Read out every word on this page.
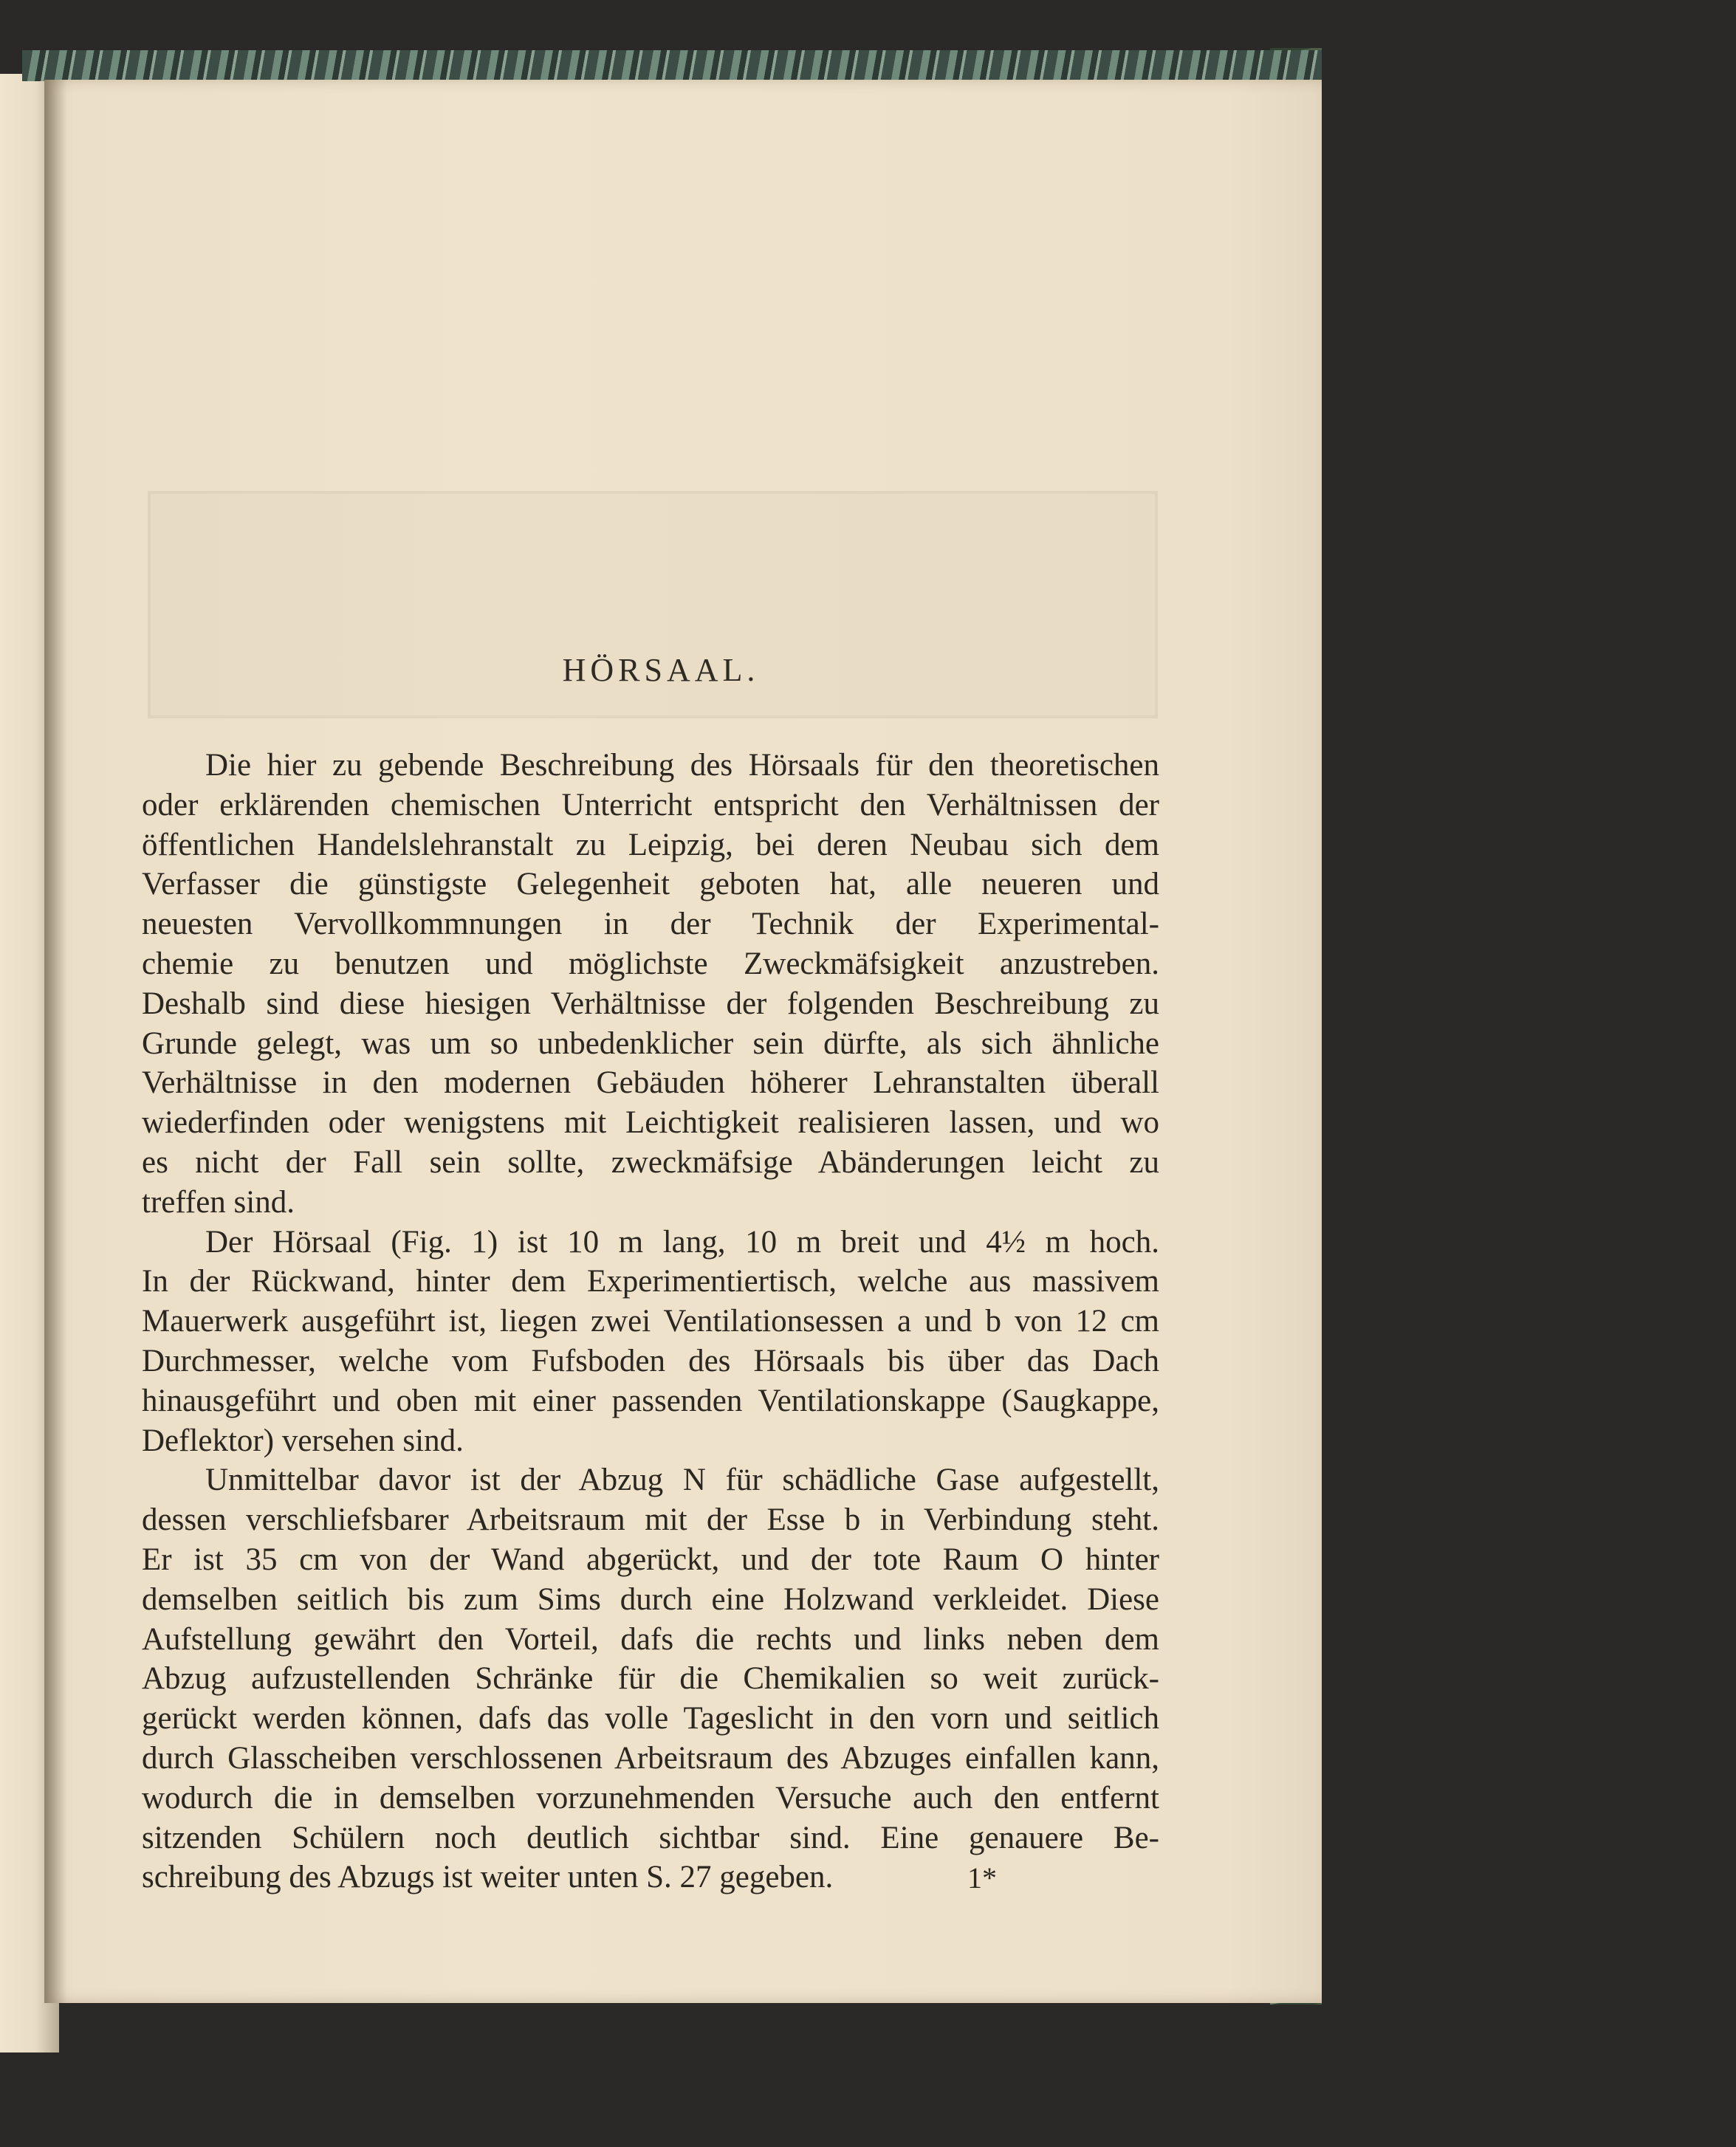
HÖRSAAL.
Die hier zu gebende Beschreibung des Hörsaals für den theoretischen
oder erklärenden chemischen Unterricht entspricht den Verhältnissen der
öffentlichen Handelslehranstalt zu Leipzig, bei deren Neubau sich dem
Verfasser die günstigste Gelegenheit geboten hat, alle neueren und
neuesten Vervollkommnungen in der Technik der Experimental-
chemie zu benutzen und möglichste Zweckmäfsigkeit anzustreben.
Deshalb sind diese hiesigen Verhältnisse der folgenden Beschreibung zu
Grunde gelegt, was um so unbedenklicher sein dürfte, als sich ähnliche
Verhältnisse in den modernen Gebäuden höherer Lehranstalten überall
wiederfinden oder wenigstens mit Leichtigkeit realisieren lassen, und wo
es nicht der Fall sein sollte, zweckmäfsige Abänderungen leicht zu
treffen sind.
Der Hörsaal (Fig. 1) ist 10 m lang, 10 m breit und 4½ m hoch.
In der Rückwand, hinter dem Experimentiertisch, welche aus massivem
Mauerwerk ausgeführt ist, liegen zwei Ventilationsessen a und b von 12 cm
Durchmesser, welche vom Fufsboden des Hörsaals bis über das Dach
hinausgeführt und oben mit einer passenden Ventilationskappe (Saugkappe,
Deflektor) versehen sind.
Unmittelbar davor ist der Abzug N für schädliche Gase aufgestellt,
dessen verschliefsbarer Arbeitsraum mit der Esse b in Verbindung steht.
Er ist 35 cm von der Wand abgerückt, und der tote Raum O hinter
demselben seitlich bis zum Sims durch eine Holzwand verkleidet. Diese
Aufstellung gewährt den Vorteil, dafs die rechts und links neben dem
Abzug aufzustellenden Schränke für die Chemikalien so weit zurück-
gerückt werden können, dafs das volle Tageslicht in den vorn und seitlich
durch Glasscheiben verschlossenen Arbeitsraum des Abzuges einfallen kann,
wodurch die in demselben vorzunehmenden Versuche auch den entfernt
sitzenden Schülern noch deutlich sichtbar sind. Eine genauere Be-
schreibung des Abzugs ist weiter unten S. 27 gegeben.	1*
